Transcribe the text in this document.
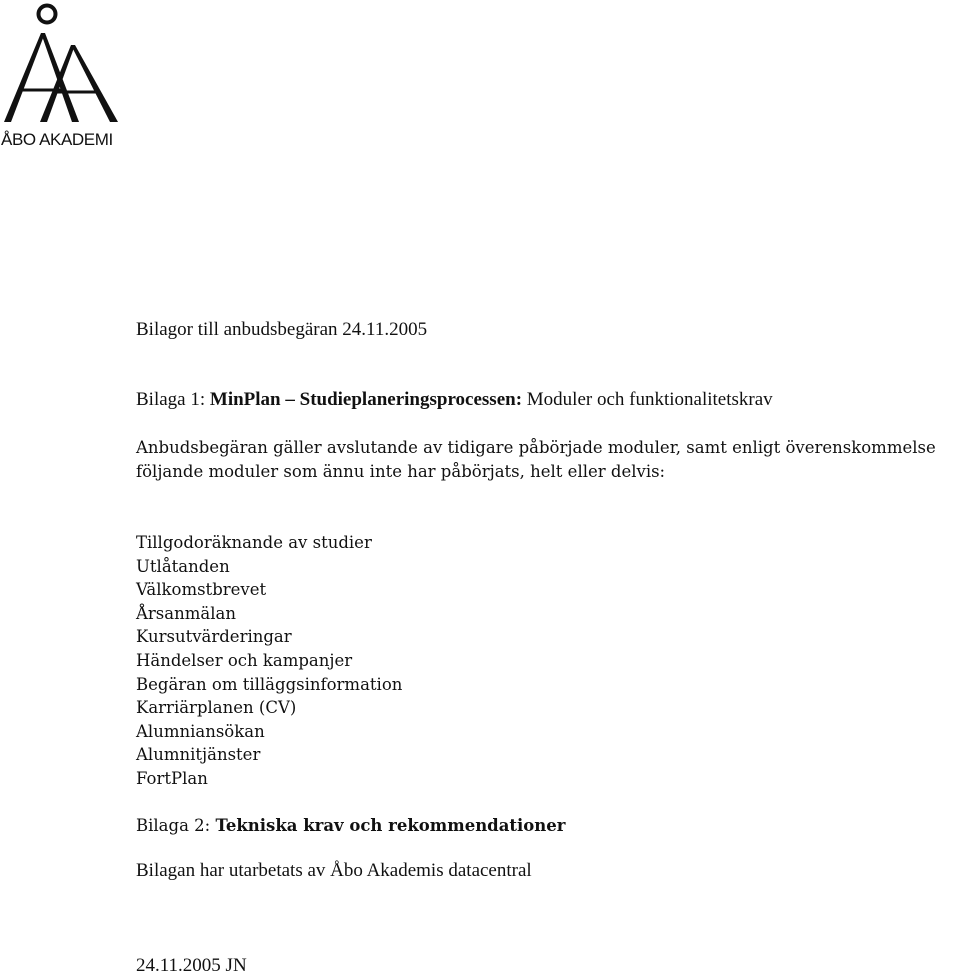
ÅBO AKADEMI
Bilagor till anbudsbegäran 24.11.2005
Bilaga 1: MinPlan – Studieplaneringsprocessen: Moduler och funktionalitetskrav
Anbudsbegäran gäller avslutande av tidigare påbörjade moduler, samt enligt överenskommelse
följande moduler som ännu inte har påbörjats, helt eller delvis:
Tillgodoräknande av studier
Utlåtanden
Välkomstbrevet
Årsanmälan
Kursutvärderingar
Händelser och kampanjer
Begäran om tilläggsinformation
Karriärplanen (CV)
Alumniansökan
Alumnitjänster
FortPlan
Bilaga 2: Tekniska krav och rekommendationer
Bilagan har utarbetats av Åbo Akademis datacentral
24.11.2005 JN
